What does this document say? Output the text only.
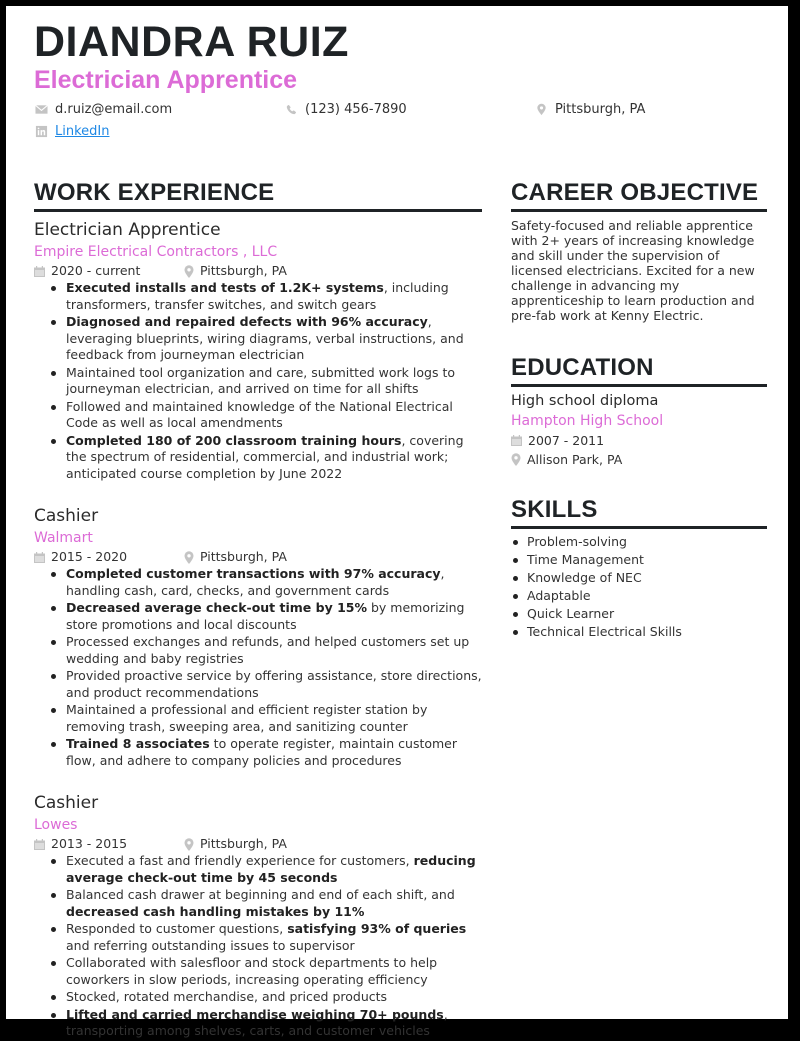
DIANDRA RUIZ
Electrician Apprentice
d.ruiz@email.com	(123) 456-7890	Pittsburgh, PA
LinkedIn
WORK EXPERIENCE
Electrician Apprentice
Empire Electrical Contractors , LLC
2020 - current	Pittsburgh, PA
Executed installs and tests of 1.2K+ systems, including transformers, transfer switches, and switch gears
Diagnosed and repaired defects with 96% accuracy, leveraging blueprints, wiring diagrams, verbal instructions, and feedback from journeyman electrician
Maintained tool organization and care, submitted work logs to journeyman electrician, and arrived on time for all shifts
Followed and maintained knowledge of the National Electrical Code as well as local amendments
Completed 180 of 200 classroom training hours, covering the spectrum of residential, commercial, and industrial work; anticipated course completion by June 2022
Cashier
Walmart
2015 - 2020	Pittsburgh, PA
Completed customer transactions with 97% accuracy, handling cash, card, checks, and government cards
Decreased average check-out time by 15% by memorizing store promotions and local discounts
Processed exchanges and refunds, and helped customers set up wedding and baby registries
Provided proactive service by offering assistance, store directions, and product recommendations
Maintained a professional and efficient register station by removing trash, sweeping area, and sanitizing counter
Trained 8 associates to operate register, maintain customer flow, and adhere to company policies and procedures
Cashier
Lowes
2013 - 2015	Pittsburgh, PA
Executed a fast and friendly experience for customers, reducing average check-out time by 45 seconds
Balanced cash drawer at beginning and end of each shift, and decreased cash handling mistakes by 11%
Responded to customer questions, satisfying 93% of queries and referring outstanding issues to supervisor
Collaborated with salesfloor and stock departments to help coworkers in slow periods, increasing operating efficiency
Stocked, rotated merchandise, and priced products
Lifted and carried merchandise weighing 70+ pounds, transporting among shelves, carts, and customer vehicles
CAREER OBJECTIVE

Safety-focused and reliable apprentice with 2+ years of increasing knowledge and skill under the supervision of licensed electricians. Excited for a new challenge in advancing my apprenticeship to learn production and pre-fab work at Kenny Electric.

EDUCATION
High school diploma
Hampton High School
2007 - 2011
Allison Park, PA
SKILLS
Problem-solving
Time Management
Knowledge of NEC
Adaptable
Quick Learner
Technical Electrical Skills
